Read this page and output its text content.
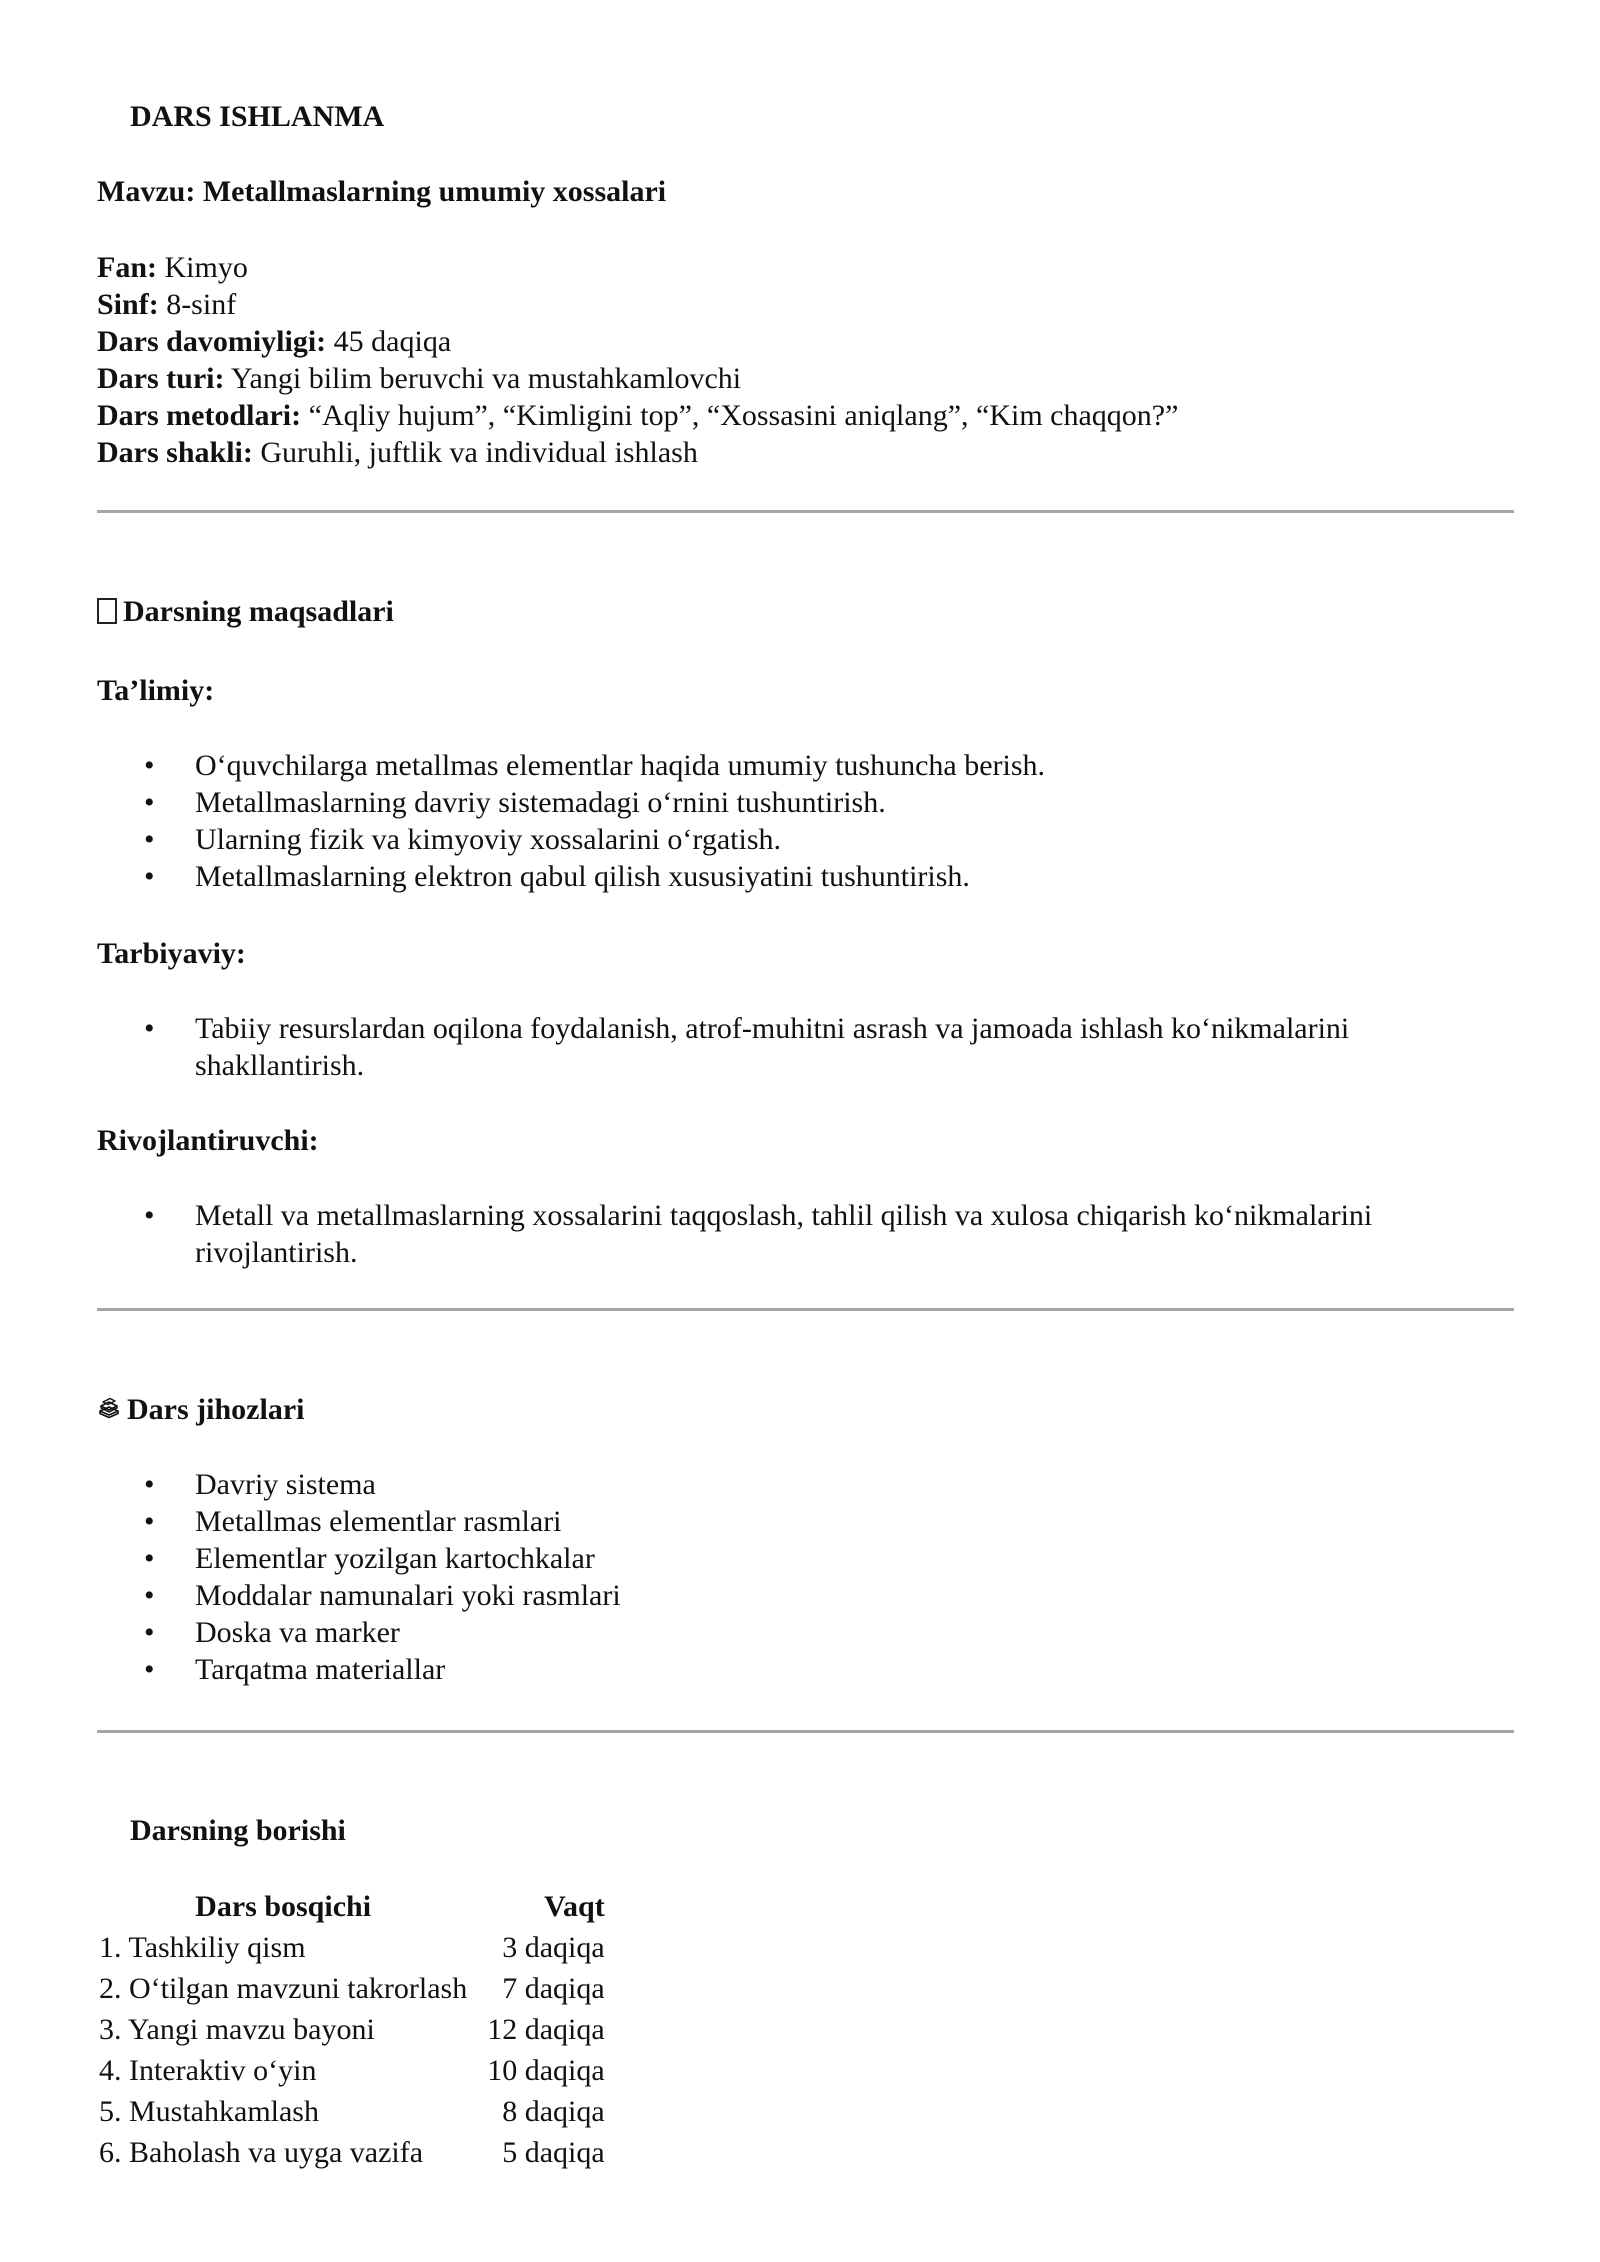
DARS ISHLANMA
Mavzu: Metallmaslarning umumiy xossalari
Fan: Kimyo
Sinf: 8-sinf
Dars davomiyligi: 45 daqiqa
Dars turi: Yangi bilim beruvchi va mustahkamlovchi
Dars metodlari: “Aqliy hujum”, “Kimligini top”, “Xossasini aniqlang”, “Kim chaqqon?”
Dars shakli: Guruhli, juftlik va individual ishlash
Darsning maqsadlari
Ta’limiy:
• O‘quvchilarga metallmas elementlar haqida umumiy tushuncha berish.
• Metallmaslarning davriy sistemadagi o‘rnini tushuntirish.
• Ularning fizik va kimyoviy xossalarini o‘rgatish.
• Metallmaslarning elektron qabul qilish xususiyatini tushuntirish.
Tarbiyaviy:
• Tabiiy resurslardan oqilona foydalanish, atrof-muhitni asrash va jamoada ishlash ko‘nikmalarini shakllantirish.
Rivojlantiruvchi:
• Metall va metallmaslarning xossalarini taqqoslash, tahlil qilish va xulosa chiqarish ko‘nikmalarini rivojlantirish.
Dars jihozlari
• Davriy sistema
• Metallmas elementlar rasmlari
• Elementlar yozilgan kartochkalar
• Moddalar namunalari yoki rasmlari
• Doska va marker
• Tarqatma materiallar
Darsning borishi
Dars bosqichi	Vaqt
1. Tashkiliy qism	3 daqiqa
2. O‘tilgan mavzuni takrorlash	7 daqiqa
3. Yangi mavzu bayoni	12 daqiqa
4. Interaktiv o‘yin	10 daqiqa
5. Mustahkamlash	8 daqiqa
6. Baholash va uyga vazifa	5 daqiqa
